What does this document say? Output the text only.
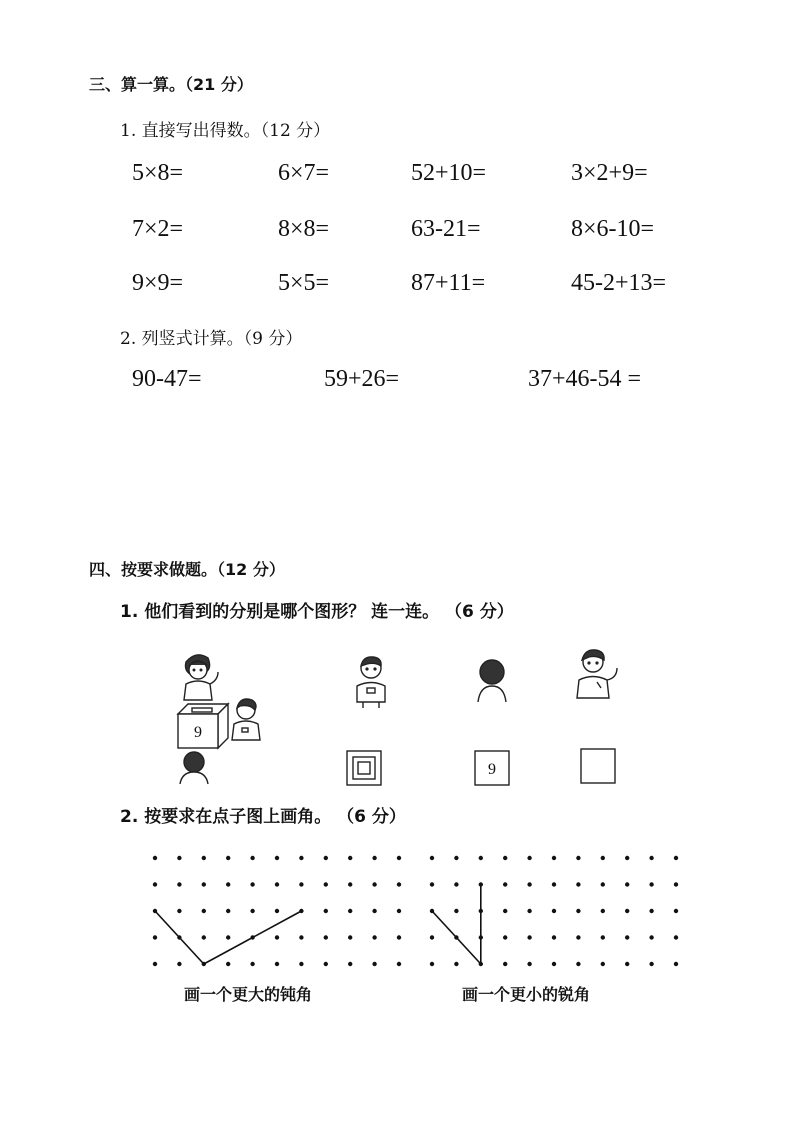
三、算一算。（21 分）
1. 直接写出得数。（12 分）
5×8=	6×7=	52+10=	3×2+9=
7×2=	8×8=	63-21=	8×6-10=
9×9=	5×5=	87+11=	45-2+13=
2. 列竖式计算。（9 分）
90-47=	59+26=	37+46-54 =
四、按要求做题。（12 分）
1. 他们看到的分别是哪个图形？ 连一连。 （6 分）
9
9
2. 按要求在点子图上画角。 （6 分）
画一个更大的钝角	画一个更小的锐角
